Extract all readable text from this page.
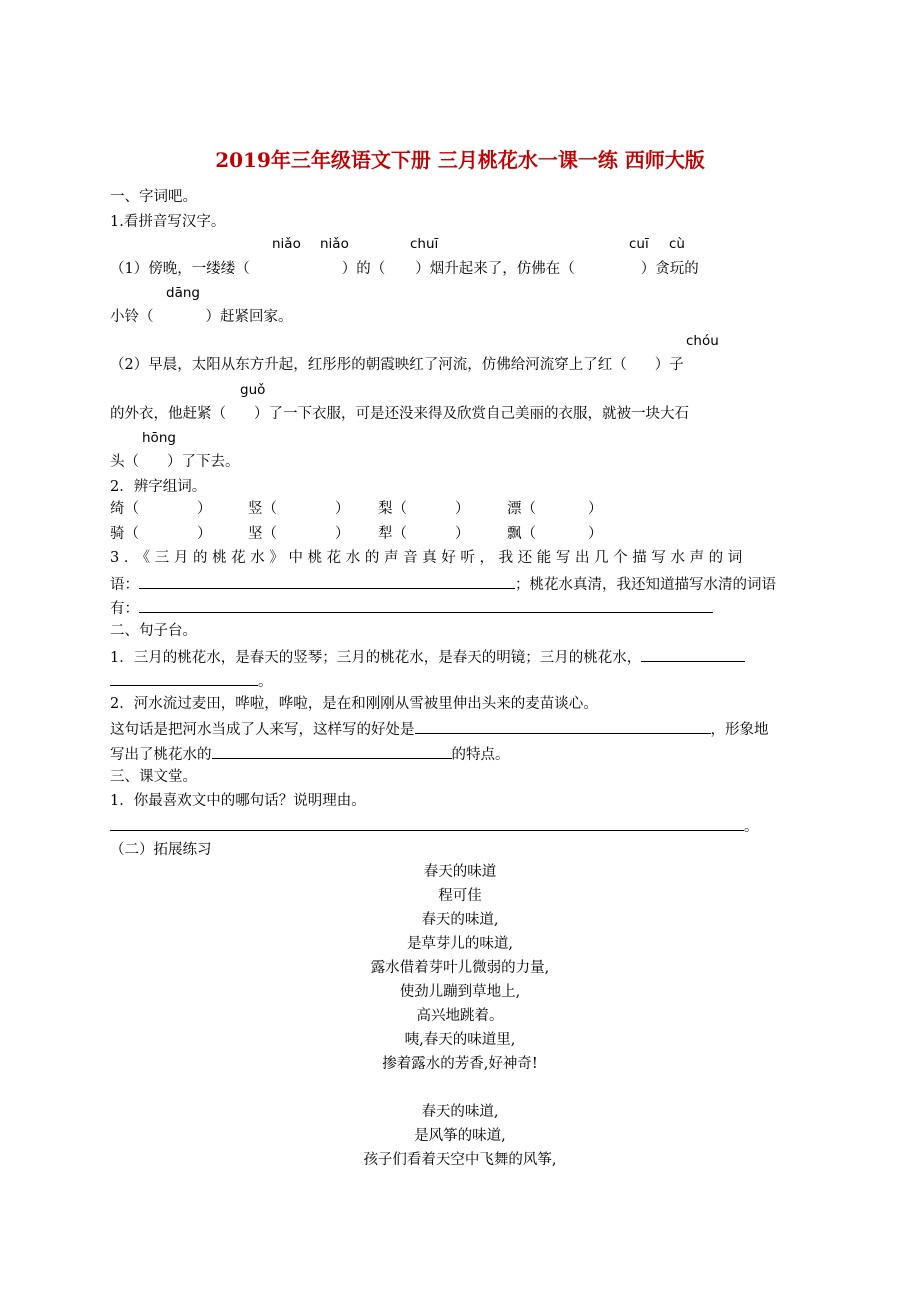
2019年三年级语文下册 三月桃花水一课一练 西师大版
一、字词吧。
1.看拼音写汉字。
niǎo niǎo	chuī	cuī cù
（1）傍晚，一缕缕（	）的（ ）烟升起来了，仿佛在（	）贪玩的
dāng
小铃（	）赶紧回家。
chóu
（2）早晨，太阳从东方升起，红彤彤的朝霞映红了河流，仿佛给河流穿上了红（ ）子
guǒ
的外衣，他赶紧（ ）了一下衣服，可是还没来得及欣赏自己美丽的衣服，就被一块大石
hōng
头（ ）了下去。
2．辨字组词。
绮（	）	竖（	） 梨（	）	漂（	）
骑（	）	坚（	） 犁（	）	飘（	）
3．《三月的桃花水》中桃花水的声音真好听，我还能写出几个描写水声的词
语：	；桃花水真清，我还知道描写水清的词语
有：
二、句子台。
1．三月的桃花水，是春天的竖琴；三月的桃花水，是春天的明镜；三月的桃花水，
。
2．河水流过麦田，哗啦，哗啦，是在和刚刚从雪被里伸出头来的麦苗谈心。
这句话是把河水当成了人来写，这样写的好处是	，形象地
写出了桃花水的	的特点。
三、课文堂。
1．你最喜欢文中的哪句话？说明理由。
。
（二）拓展练习
春天的味道
程可佳
春天的味道,
是草芽儿的味道,
露水借着芽叶儿微弱的力量,
使劲儿蹦到草地上,
高兴地跳着。
咦,春天的味道里,
掺着露水的芳香,好神奇!
春天的味道,
是风筝的味道,
孩子们看着天空中飞舞的风筝,
